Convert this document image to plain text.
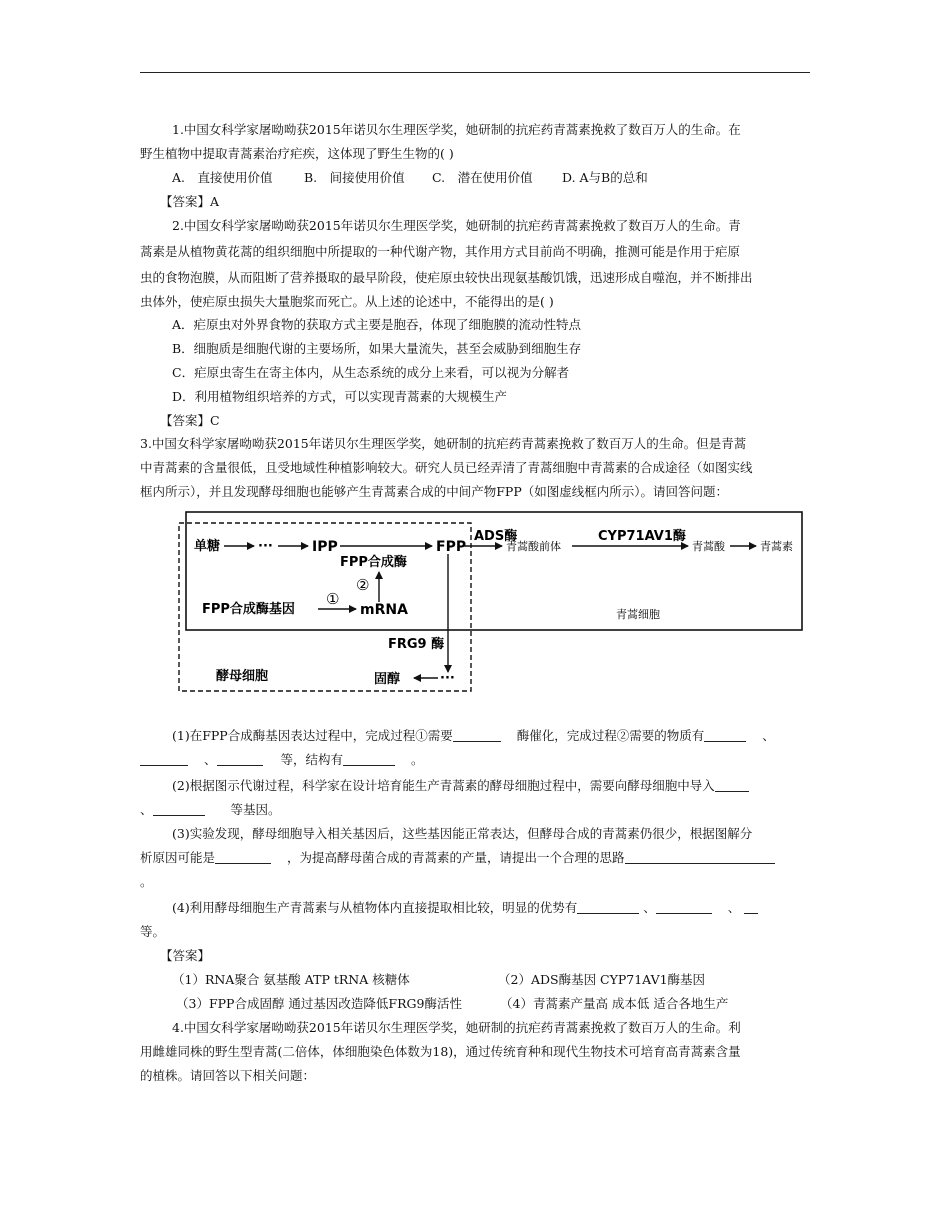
1.中国女科学家屠呦呦获2015年诺贝尔生理医学奖，她研制的抗疟药青蒿素挽救了数百万人的生命。在
野生植物中提取青蒿素治疗疟疾，这体现了野生生物的( )
A.　直接使用价值	B.　间接使用价值 C.　潜在使用价值 D. A与B的总和
【答案】A
2.中国女科学家屠呦呦获2015年诺贝尔生理医学奖，她研制的抗疟药青蒿素挽救了数百万人的生命。青
蒿素是从植物黄花蒿的组织细胞中所提取的一种代谢产物，其作用方式目前尚不明确，推测可能是作用于疟原
虫的食物泡膜，从而阻断了营养摄取的最早阶段，使疟原虫较快出现氨基酸饥饿，迅速形成自噬泡，并不断排出
虫体外，使疟原虫损失大量胞浆而死亡。从上述的论述中，不能得出的是( )
A．疟原虫对外界食物的获取方式主要是胞吞，体现了细胞膜的流动性特点
B．细胞质是细胞代谢的主要场所，如果大量流失，甚至会威胁到细胞生存
C．疟原虫寄生在寄主体内，从生态系统的成分上来看，可以视为分解者
D．利用植物组织培养的方式，可以实现青蒿素的大规模生产
【答案】C
3.中国女科学家屠呦呦获2015年诺贝尔生理医学奖，她研制的抗疟药青蒿素挽救了数百万人的生命。但是青蒿
中青蒿素的含量很低，且受地域性种植影响较大。研究人员已经弄清了青蒿细胞中青蒿素的合成途径（如图实线
框内所示），并且发现酵母细胞也能够产生青蒿素合成的中间产物FPP（如图虚线框内所示）。请回答问题：
单糖	···	IPP	FPP
FPP合成酶
ADS酶
青蒿酸前体
CYP71AV1酶
青蒿酸	青蒿素
②
FPP合成酶基因
①
mRNA	青蒿细胞
FRG9 酶
酵母细胞	固醇	···
(1)在FPP合成酶基因表达过程中，完成过程①需要	酶催化，完成过程②需要的物质有	、
、	等，结构有	。
(2)根据图示代谢过程，科学家在设计培育能生产青蒿素的酵母细胞过程中，需要向酵母细胞中导入
、	等基因。
(3)实验发现，酵母细胞导入相关基因后，这些基因能正常表达，但酵母合成的青蒿素仍很少，根据图解分
析原因可能是	，为提高酵母菌合成的青蒿素的产量，请提出一个合理的思路
。
(4)利用酵母细胞生产青蒿素与从植物体内直接提取相比较，明显的优势有	、	、
等。
【答案】
（1）RNA聚合 氨基酸 ATP tRNA 核糖体	（2）ADS酶基因 CYP71AV1酶基因
（3）FPP合成固醇 通过基因改造降低FRG9酶活性	（4）青蒿素产量高 成本低 适合各地生产
4.中国女科学家屠呦呦获2015年诺贝尔生理医学奖，她研制的抗疟药青蒿素挽救了数百万人的生命。利
用雌雄同株的野生型青蒿(二倍体，体细胞染色体数为18)，通过传统育种和现代生物技术可培育高青蒿素含量
的植株。请回答以下相关问题：
